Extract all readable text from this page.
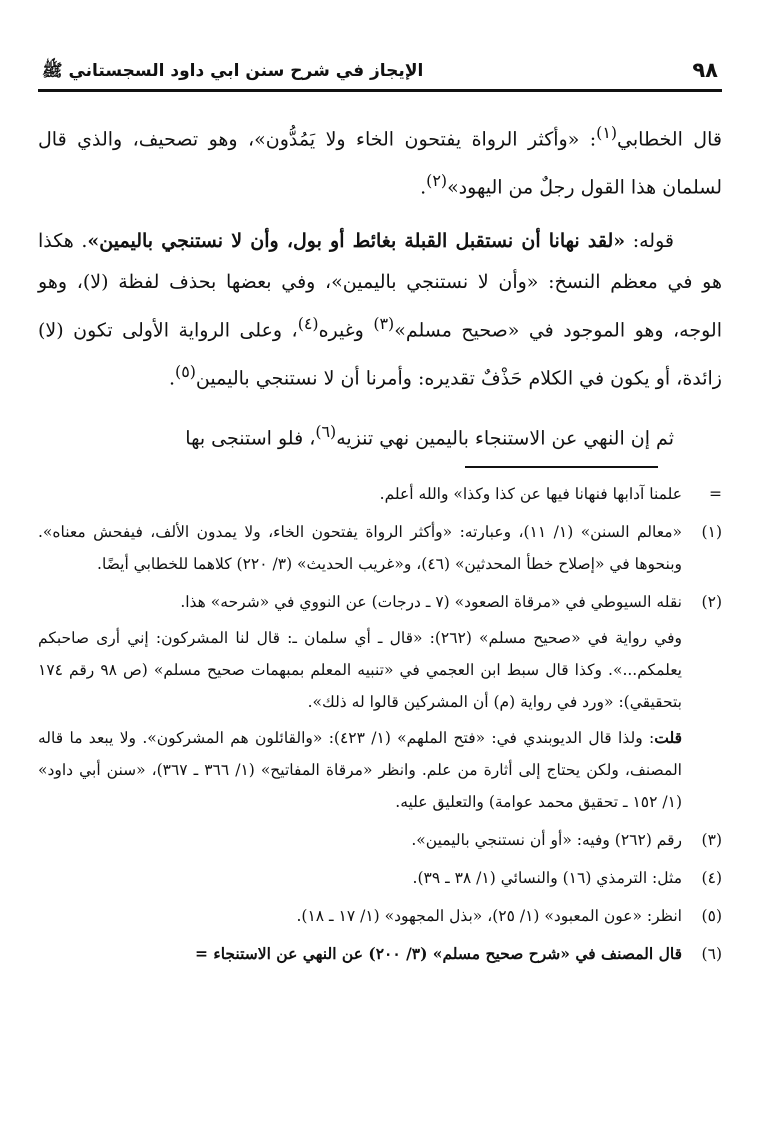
٩٨
الإيجاز في شرح سنن ابي داود السجستاني ﷺ

قال الخطابي$^{(١)}$: «وأكثر الرواة يفتحون الخاء ولا يَمُدُّون»، وهو تصحيف، والذي قال لسلمان هذا القول رجلٌ من اليهود»$^{(٢)}$.

قوله: «لقد نهانا أن نستقبل القبلة بغائط أو بول، وأن لا نستنجي باليمين». هكذا هو في معظم النسخ: «وأن لا نستنجي باليمين»، وفي بعضها بحذف لفظة (لا)، وهو الوجه، وهو الموجود في «صحيح مسلم»$^{(٣)}$ وغيره$^{(٤)}$، وعلى الرواية الأولى تكون (لا) زائدة، أو يكون في الكلام حَذْفٌ تقديره: وأمرنا أن لا نستنجي باليمين$^{(٥)}$.

ثم إن النهي عن الاستنجاء باليمين نهي تنزيه$^{(٦)}$، فلو استنجى بها

=
علمنا آدابها فنهانا فيها عن كذا وكذا» والله أعلم.
(١)
«معالم السنن» (١/ ١١)، وعبارته: «وأكثر الرواة يفتحون الخاء، ولا يمدون الألف، فيفحش معناه». وبنحوها في «إصلاح خطأ المحدثين» (٤٦)، و«غريب الحديث» (٣/ ٢٢٠) كلاهما للخطابي أيضًا.
(٢)

نقله السيوطي في «مرقاة الصعود» (٧ ـ درجات) عن النووي في «شرحه» هذا.

وفي رواية في «صحيح مسلم» (٢٦٢): «قال ـ أي سلمان ـ: قال لنا المشركون: إني أرى صاحبكم يعلمكم...». وكذا قال سبط ابن العجمي في «تنبيه المعلم بمبهمات صحيح مسلم» (ص ٩٨ رقم ١٧٤ بتحقيقي): «ورد في رواية (م) أن المشركين قالوا له ذلك».

قلت: ولذا قال الديوبندي في: «فتح الملهم» (١/ ٤٢٣): «والقائلون هم المشركون». ولا يبعد ما قاله المصنف، ولكن يحتاج إلى أثارة من علم. وانظر «مرقاة المفاتيح» (١/ ٣٦٦ ـ ٣٦٧)، «سنن أبي داود» (١/ ١٥٢ ـ تحقيق محمد عوامة) والتعليق عليه.

(٣)
رقم (٢٦٢) وفيه: «أو أن نستنجي باليمين».
(٤)
مثل: الترمذي (١٦) والنسائي (١/ ٣٨ ـ ٣٩).
(٥)
انظر: «عون المعبود» (١/ ٢٥)، «بذل المجهود» (١/ ١٧ ـ ١٨).
(٦)
قال المصنف في «شرح صحيح مسلم» (٣/ ٢٠٠) عن النهي عن الاستنجاء =
